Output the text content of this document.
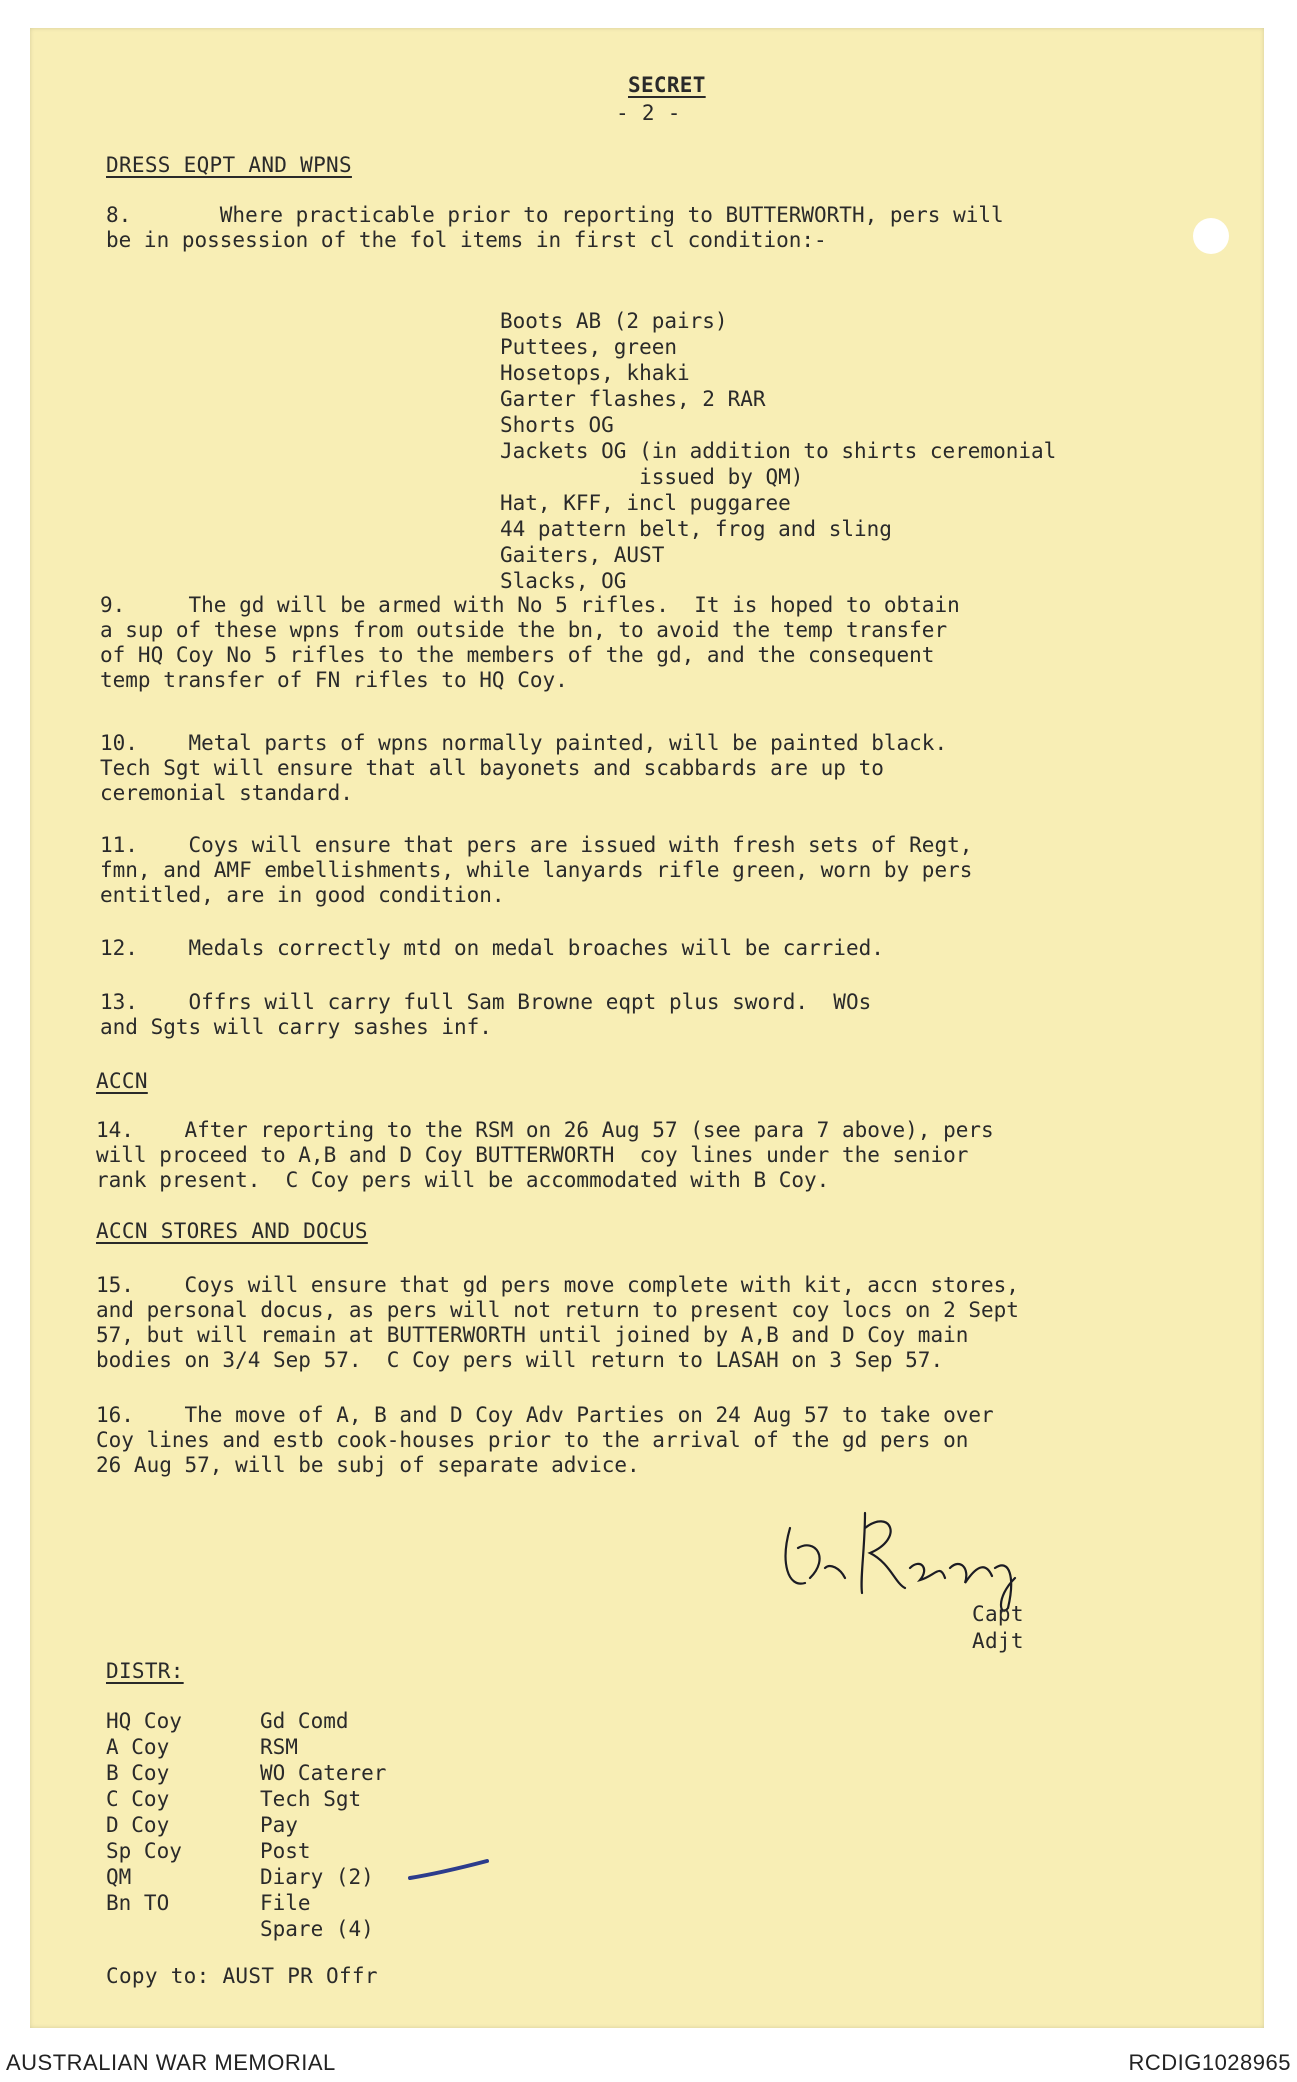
SECRET
- 2 -
DRESS EQPT AND WPNS
8.       Where practicable prior to reporting to BUTTERWORTH, pers will
be in possession of the fol items in first cl condition:-
Boots AB (2 pairs)
Puttees, green
Hosetops, khaki
Garter flashes, 2 RAR
Shorts OG
Jackets OG (in addition to shirts ceremonial
issued by QM)
Hat, KFF, incl puggaree
44 pattern belt, frog and sling
Gaiters, AUST
Slacks, OG
9.     The gd will be armed with No 5 rifles.  It is hoped to obtain
a sup of these wpns from outside the bn, to avoid the temp transfer
of HQ Coy No 5 rifles to the members of the gd, and the consequent
temp transfer of FN rifles to HQ Coy.
10.    Metal parts of wpns normally painted, will be painted black.
Tech Sgt will ensure that all bayonets and scabbards are up to
ceremonial standard.
11.    Coys will ensure that pers are issued with fresh sets of Regt,
fmn, and AMF embellishments, while lanyards rifle green, worn by pers
entitled, are in good condition.
12.    Medals correctly mtd on medal broaches will be carried.
13.    Offrs will carry full Sam Browne eqpt plus sword.  WOs
and Sgts will carry sashes inf.
ACCN
14.    After reporting to the RSM on 26 Aug 57 (see para 7 above), pers
will proceed to A,B and D Coy BUTTERWORTH  coy lines under the senior
rank present.  C Coy pers will be accommodated with B Coy.
ACCN STORES AND DOCUS
15.    Coys will ensure that gd pers move complete with kit, accn stores,
and personal docus, as pers will not return to present coy locs on 2 Sept
57, but will remain at BUTTERWORTH until joined by A,B and D Coy main
bodies on 3/4 Sep 57.  C Coy pers will return to LASAH on 3 Sep 57.
16.    The move of A, B and D Coy Adv Parties on 24 Aug 57 to take over
Coy lines and estb cook-houses prior to the arrival of the gd pers on
26 Aug 57, will be subj of separate advice.
Capt
Adjt
DISTR:
HQ Coy
A Coy
B Coy
C Coy
D Coy
Sp Coy
QM
Bn TO
Gd Comd
RSM
WO Caterer
Tech Sgt
Pay
Post
Diary (2)
File
Spare (4)
Copy to: AUST PR Offr
AUSTRALIAN WAR MEMORIAL	RCDIG1028965
